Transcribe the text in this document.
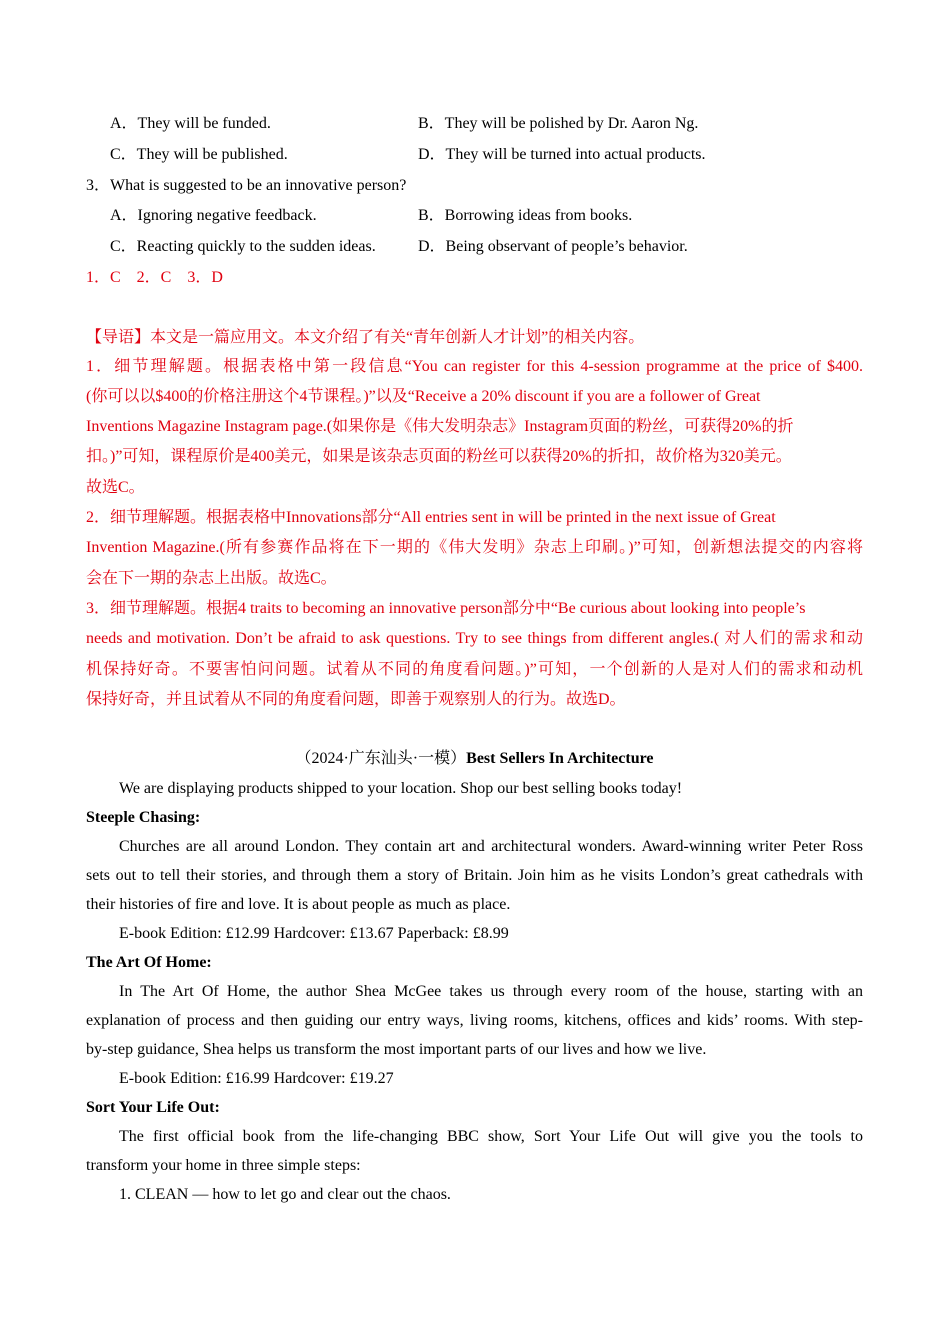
A．They will be funded.	B．They will be polished by Dr. Aaron Ng.
C．They will be published.	D．They will be turned into actual products.
3．What is suggested to be an innovative person?
A．Ignoring negative feedback.	B．Borrowing ideas from books.
C．Reacting quickly to the sudden ideas.	D．Being observant of people’s behavior.
1．C　2．C　3．D
【导语】本文是一篇应用文。本文介绍了有关“青年创新人才计划”的相关内容。
1．细节理解题。根据表格中第一段信息“You can register for this 4-session programme at the price of $400.
(你可以以$400的价格注册这个4节课程。)”以及“Receive a 20% discount if you are a follower of Great
Inventions Magazine Instagram page.(如果你是《伟大发明杂志》Instagram页面的粉丝，可获得20%的折
扣。)”可知，课程原价是400美元，如果是该杂志页面的粉丝可以获得20%的折扣，故价格为320美元。
故选C。
2．细节理解题。根据表格中Innovations部分“All entries sent in will be printed in the next issue of Great
Invention Magazine.(所有参赛作品将在下一期的《伟大发明》杂志上印刷。)”可知，创新想法提交的内容将
会在下一期的杂志上出版。故选C。
3．细节理解题。根据4 traits to becoming an innovative person部分中“Be curious about looking into people’s
needs and motivation. Don’t be afraid to ask questions. Try to see things from different angles.( 对人们的需求和动
机保持好奇。不要害怕问问题。试着从不同的角度看问题。)”可知，一个创新的人是对人们的需求和动机
保持好奇，并且试着从不同的角度看问题，即善于观察别人的行为。故选D。
（2024·广东汕头·一模）Best Sellers In Architecture
We are displaying products shipped to your location. Shop our best selling books today!
Steeple Chasing:
Churches are all around London. They contain art and architectural wonders. Award-winning writer Peter Ross
sets out to tell their stories, and through them a story of Britain. Join him as he visits London’s great cathedrals with
their histories of fire and love. It is about people as much as place.
E-book Edition: £12.99 Hardcover: £13.67 Paperback: £8.99
The Art Of Home:
In The Art Of Home, the author Shea McGee takes us through every room of the house, starting with an
explanation of process and then guiding our entry ways, living rooms, kitchens, offices and kids’ rooms. With step-
by-step guidance, Shea helps us transform the most important parts of our lives and how we live.
E-book Edition: £16.99 Hardcover: £19.27
Sort Your Life Out:
The first official book from the life-changing BBC show, Sort Your Life Out will give you the tools to
transform your home in three simple steps:
1. CLEAN — how to let go and clear out the chaos.
